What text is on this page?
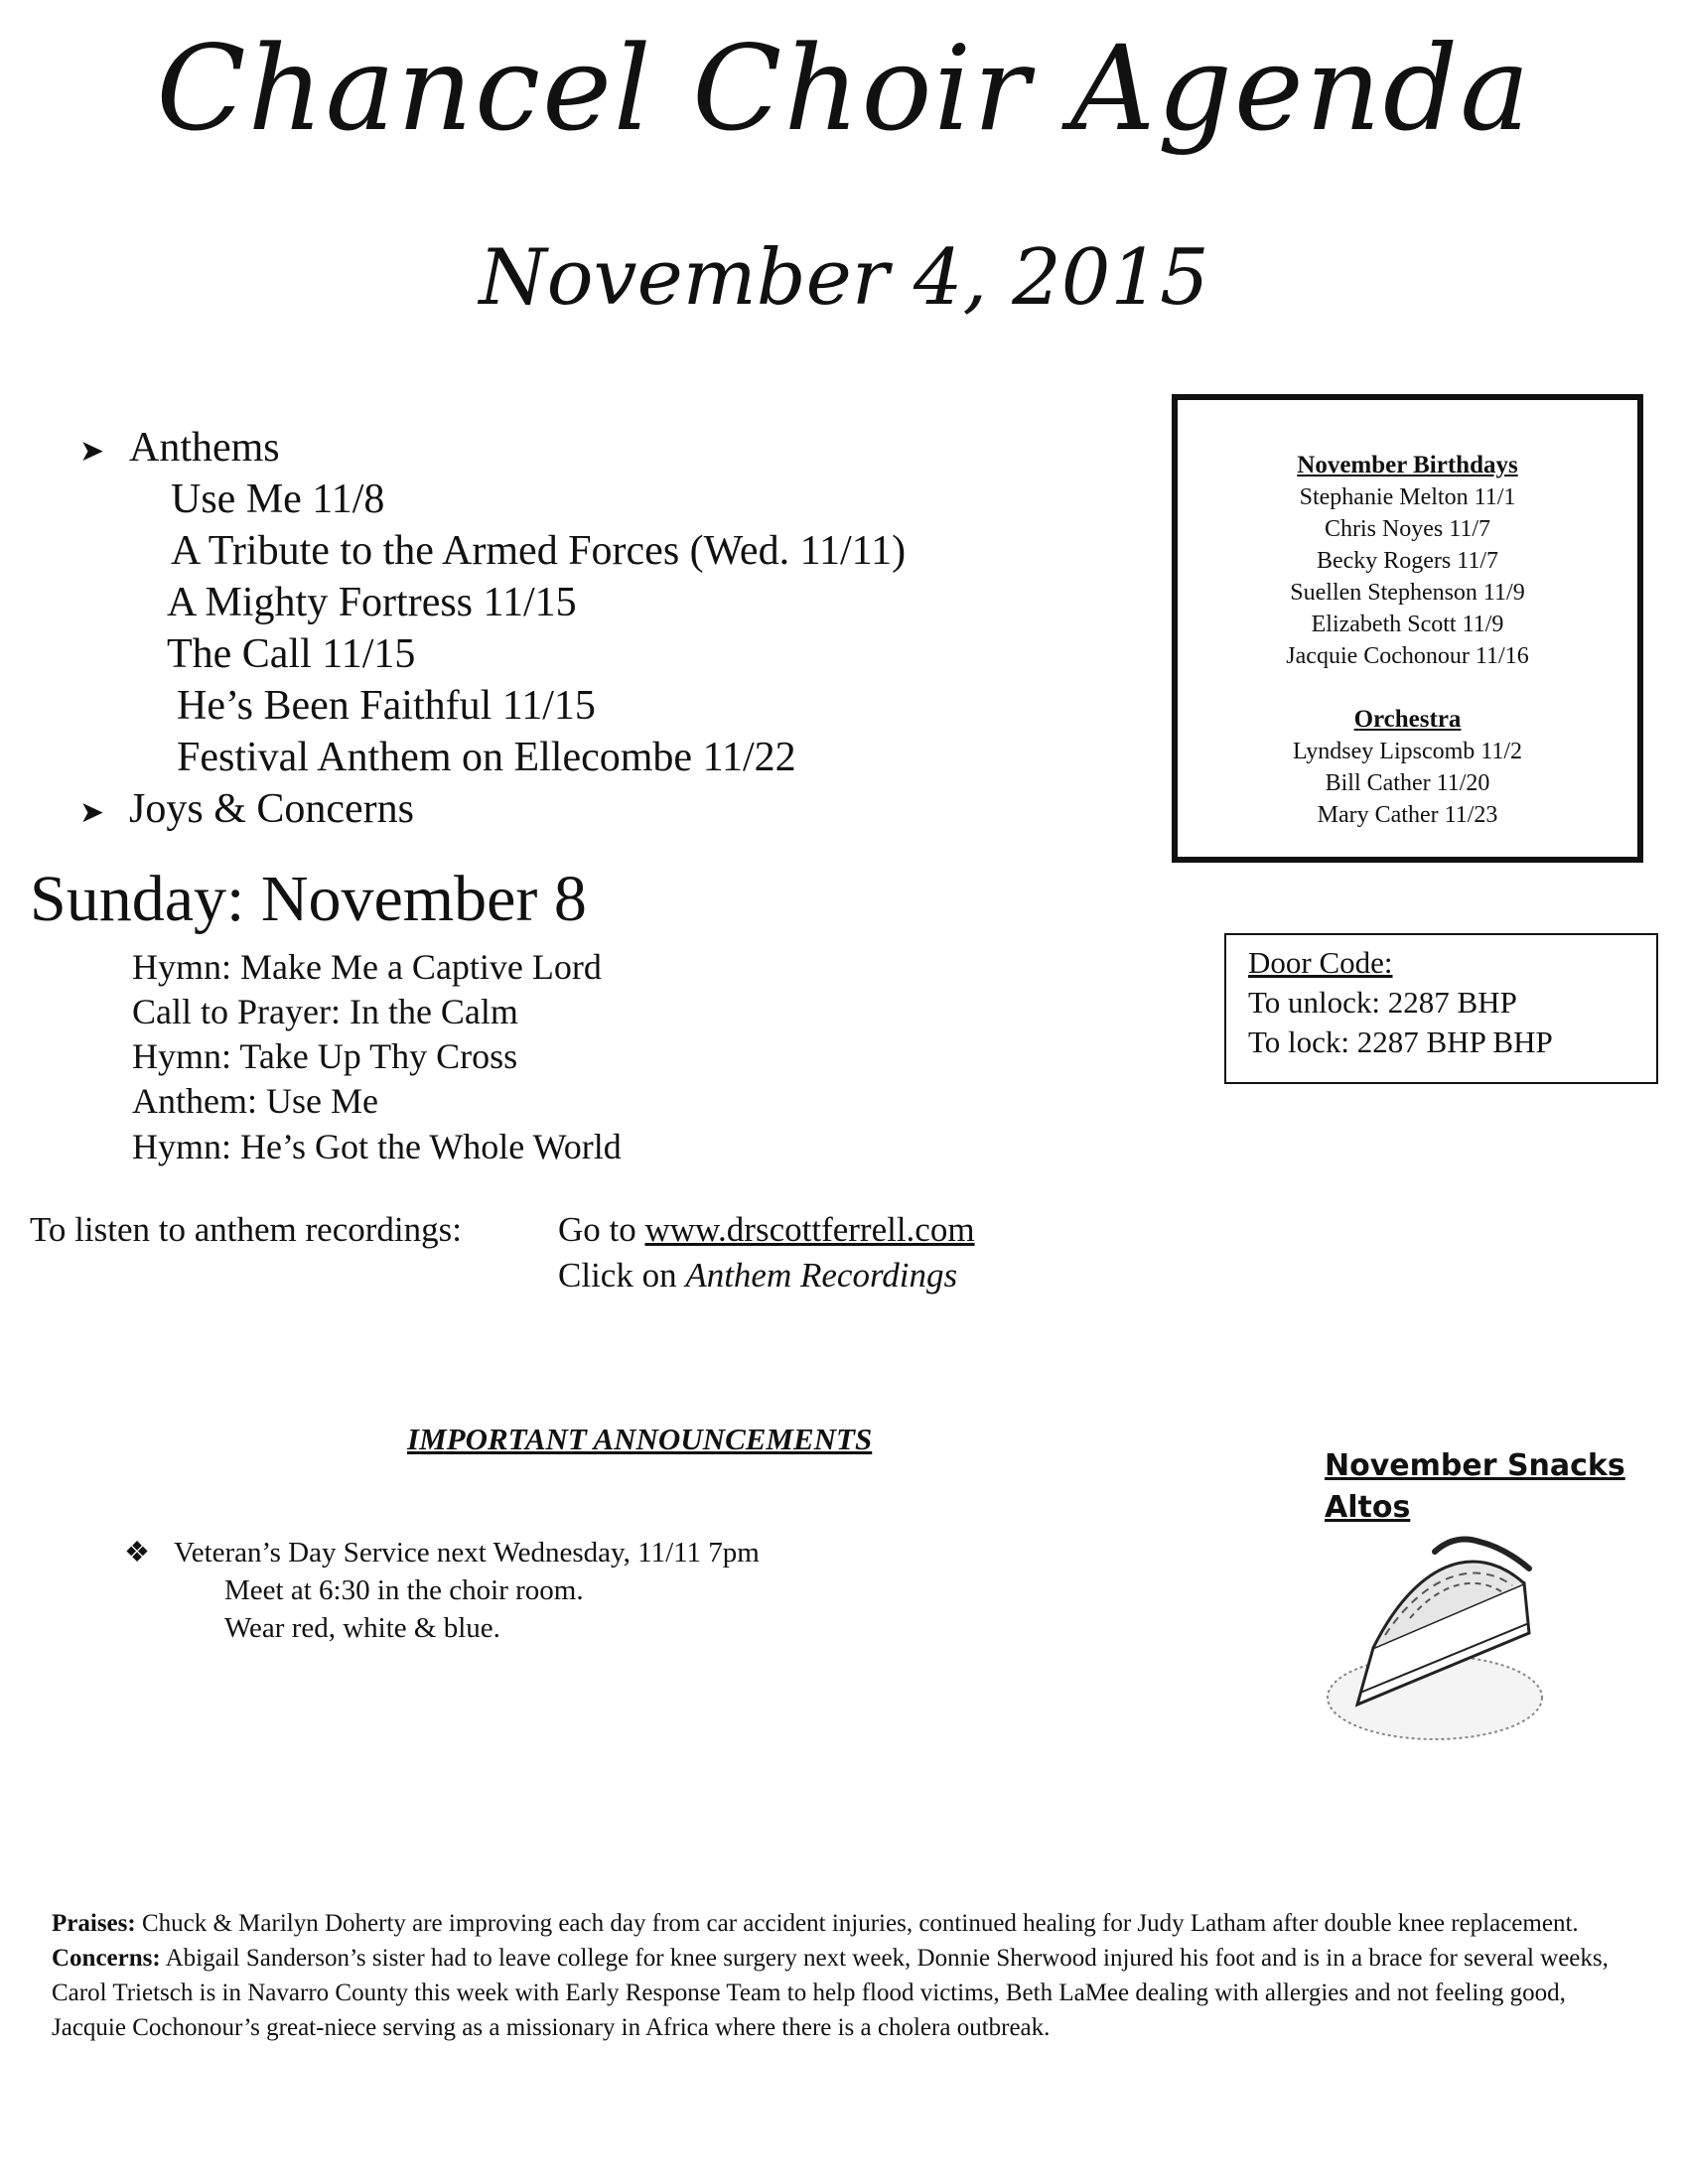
Chancel Choir Agenda
November 4, 2015
➤ Anthems
Use Me 11/8
A Tribute to the Armed Forces (Wed. 11/11)
A Mighty Fortress 11/15
The Call 11/15
He’s Been Faithful 11/15
Festival Anthem on Ellecombe 11/22
➤ Joys & Concerns
Sunday: November 8
Hymn: Make Me a Captive Lord
Call to Prayer: In the Calm
Hymn: Take Up Thy Cross
Anthem: Use Me
Hymn: He’s Got the Whole World
To listen to anthem recordings:	Go to www.drscottferrell.com
Click on Anthem Recordings
November Birthdays
Stephanie Melton 11/1
Chris Noyes 11/7
Becky Rogers 11/7
Suellen Stephenson 11/9
Elizabeth Scott 11/9
Jacquie Cochonour 11/16
Orchestra
Lyndsey Lipscomb 11/2
Bill Cather 11/20
Mary Cather 11/23
Door Code:
To unlock: 2287 BHP
To lock: 2287 BHP BHP
IMPORTANT ANNOUNCEMENTS
❖ Veteran’s Day Service next Wednesday, 11/11 7pm
Meet at 6:30 in the choir room.
Wear red, white & blue.
November Snacks
Altos
Praises: Chuck & Marilyn Doherty are improving each day from car accident injuries, continued healing for Judy Latham after double knee replacement.
Concerns: Abigail Sanderson’s sister had to leave college for knee surgery next week, Donnie Sherwood injured his foot and is in a brace for several weeks, Carol Trietsch is in Navarro County this week with Early Response Team to help flood victims, Beth LaMee dealing with allergies and not feeling good, Jacquie Cochonour’s great-niece serving as a missionary in Africa where there is a cholera outbreak.
